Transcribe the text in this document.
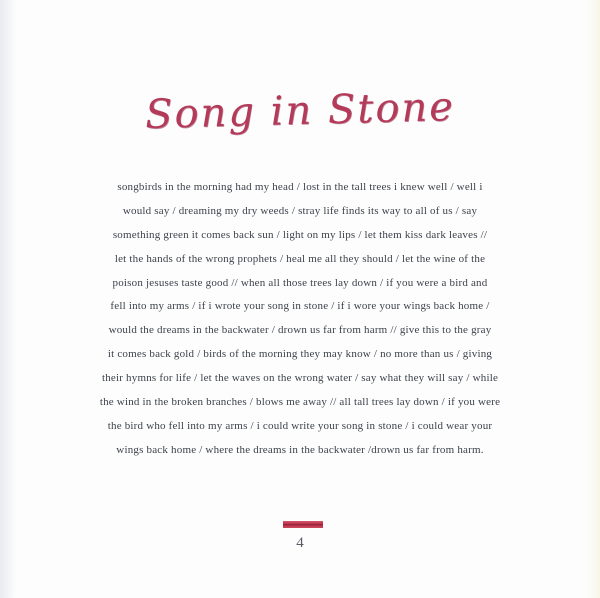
Song in Stone
songbirds in the morning had my head / lost in the tall trees i knew well / well i
would say / dreaming my dry weeds / stray life finds its way to all of us / say
something green it comes back sun / light on my lips / let them kiss dark leaves //
let the hands of the wrong prophets / heal me all they should / let the wine of the
poison jesuses taste good // when all those trees lay down / if you were a bird and
fell into my arms / if i wrote your song in stone / if i wore your wings back home /
would the dreams in the backwater / drown us far from harm // give this to the gray
it comes back gold / birds of the morning they may know / no more than us / giving
their hymns for life / let the waves on the wrong water / say what they will say / while
the wind in the broken branches / blows me away // all tall trees lay down / if you were
the bird who fell into my arms / i could write your song in stone / i could wear your
wings back home / where the dreams in the backwater /drown us far from harm.
4
